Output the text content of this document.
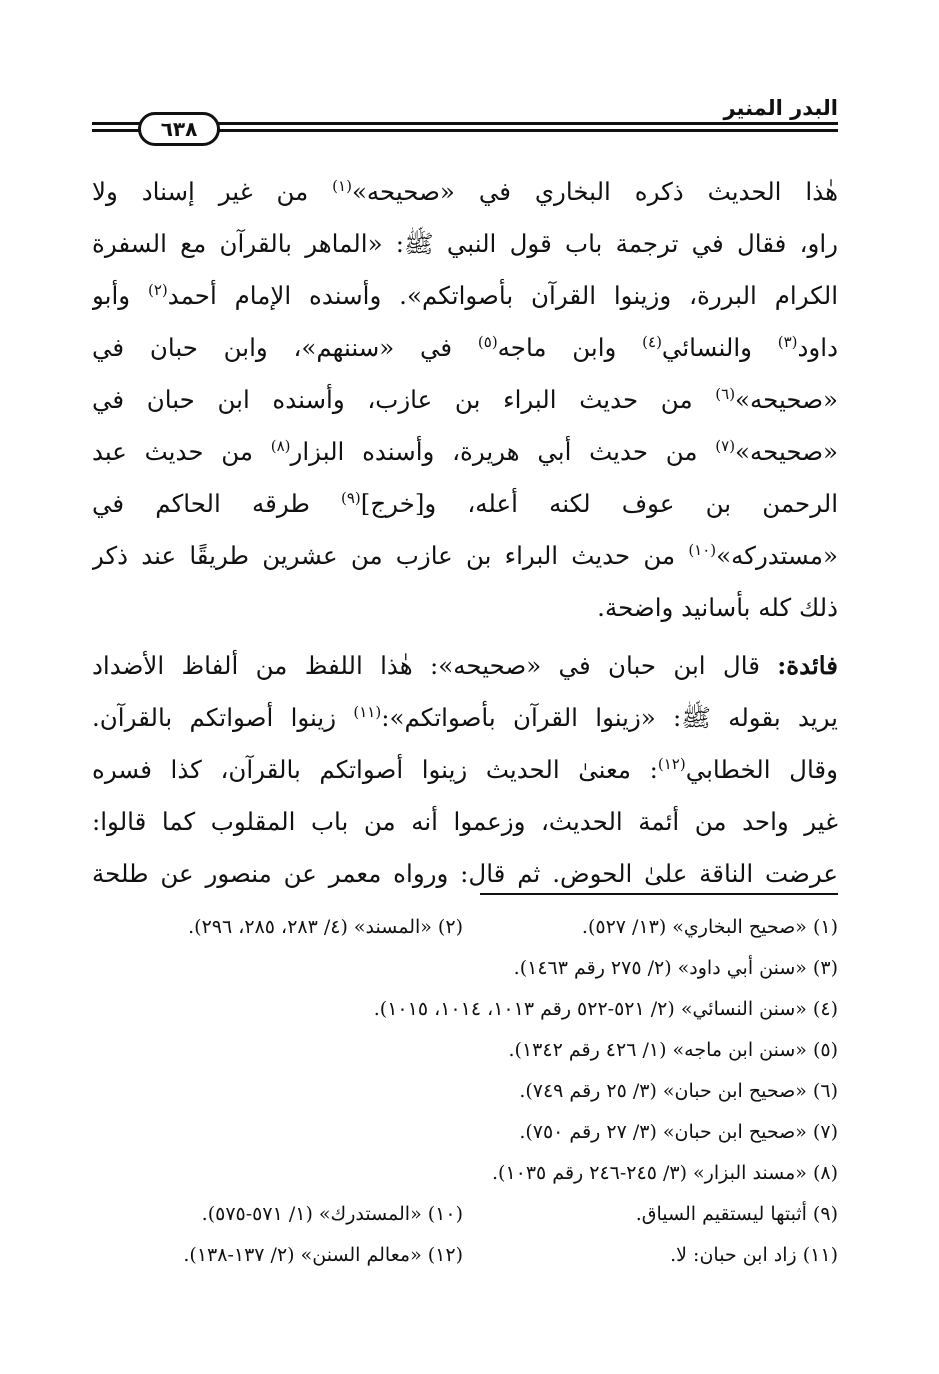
البدر المنير
٦٣٨
هٰذا الحديث ذكره البخاري في «صحيحه»$^{(١)}$ من غير إسناد ولا
راو، فقال في ترجمة باب قول النبي ﷺ: «الماهر بالقرآن مع السفرة
الكرام البررة، وزينوا القرآن بأصواتكم». وأسنده الإمام أحمد$^{(٢)}$ وأبو
داود$^{(٣)}$ والنسائي$^{(٤)}$ وابن ماجه$^{(٥)}$ في «سننهم»، وابن حبان في
«صحيحه»$^{(٦)}$ من حديث البراء بن عازب، وأسنده ابن حبان في
«صحيحه»$^{(٧)}$ من حديث أبي هريرة، وأسنده البزار$^{(٨)}$ من حديث عبد
الرحمن بن عوف لكنه أعله، و[خرج]$^{(٩)}$ طرقه الحاكم في
«مستدركه»$^{(١٠)}$ من حديث البراء بن عازب من عشرين طريقًا عند ذكر
ذلك كله بأسانيد واضحة.
فائدة: قال ابن حبان في «صحيحه»: هٰذا اللفظ من ألفاظ الأضداد
يريد بقوله ﷺ: «زينوا القرآن بأصواتكم»:$^{(١١)}$ زينوا أصواتكم بالقرآن.
وقال الخطابي$^{(١٢)}$: معنىٰ الحديث زينوا أصواتكم بالقرآن، كذا فسره
غير واحد من أئمة الحديث، وزعموا أنه من باب المقلوب كما قالوا:
عرضت الناقة علىٰ الحوض. ثم قال: ورواه معمر عن منصور عن طلحة
(١) «صحيح البخاري» (١٣/ ٥٢٧).
(٢) «المسند» (٤/ ٢٨٣، ٢٨٥، ٢٩٦).
(٣) «سنن أبي داود» (٢/ ٢٧٥ رقم ١٤٦٣).
(٤) «سنن النسائي» (٢/ ٥٢١-٥٢٢ رقم ١٠١٣، ١٠١٤، ١٠١٥).
(٥) «سنن ابن ماجه» (١/ ٤٢٦ رقم ١٣٤٢).
(٦) «صحيح ابن حبان» (٣/ ٢٥ رقم ٧٤٩).
(٧) «صحيح ابن حبان» (٣/ ٢٧ رقم ٧٥٠).
(٨) «مسند البزار» (٣/ ٢٤٥-٢٤٦ رقم ١٠٣٥).
(٩) أثبتها ليستقيم السياق.
(١٠) «المستدرك» (١/ ٥٧١-٥٧٥).
(١١) زاد ابن حبان: لا.
(١٢) «معالم السنن» (٢/ ١٣٧-١٣٨).
